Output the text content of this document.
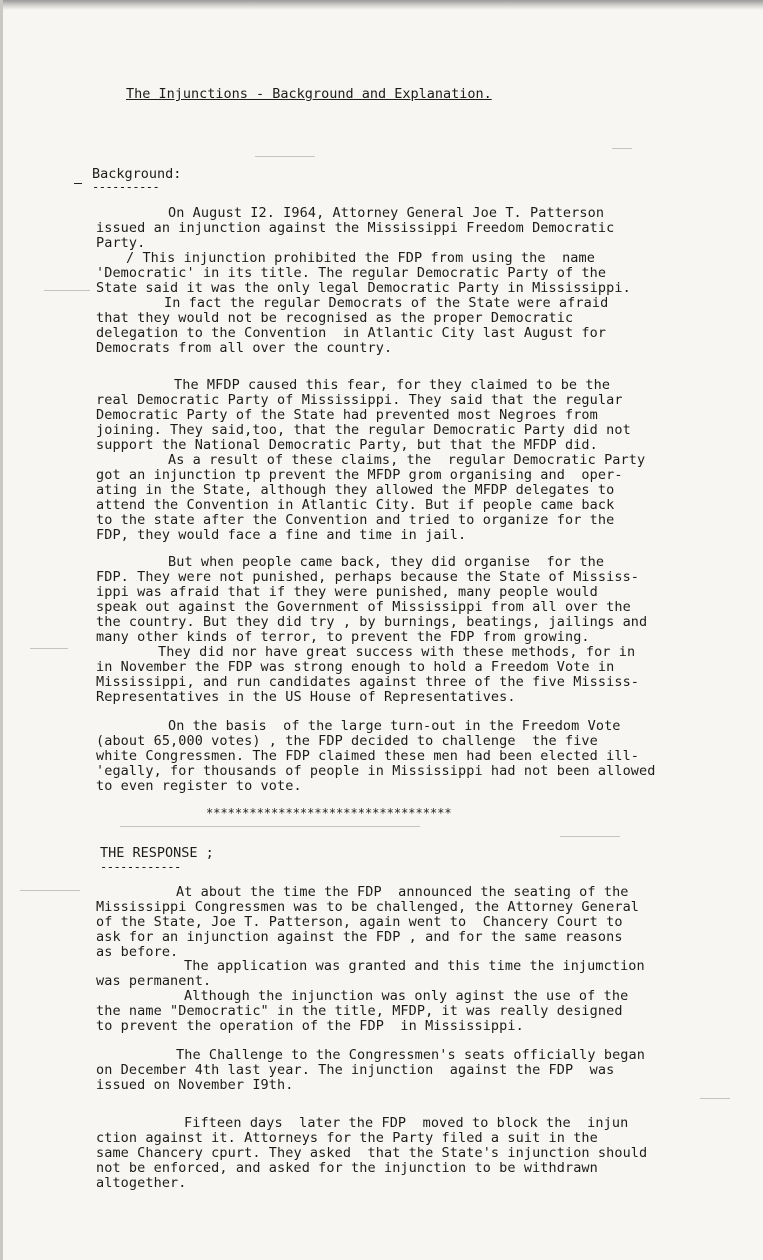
The Injunctions - Background and Explanation.
Background:
----------
On August I2. I964, Attorney General Joe T. Patterson
issued an injunction against the Mississippi Freedom Democratic
Party.
/ This injunction prohibited the FDP from using the  name
'Democratic' in its title. The regular Democratic Party of the
State said it was the only legal Democratic Party in Mississippi.
In fact the regular Democrats of the State were afraid
that they would not be recognised as the proper Democratic
delegation to the Convention  in Atlantic City last August for
Democrats from all over the country.
The MFDP caused this fear, for they claimed to be the
real Democratic Party of Mississippi. They said that the regular
Democratic Party of the State had prevented most Negroes from
joining. They said,too, that the regular Democratic Party did not
support the National Democratic Party, but that the MFDP did.
As a result of these claims, the  regular Democratic Party
got an injunction tp prevent the MFDP grom organising and  oper-
ating in the State, although they allowed the MFDP delegates to
attend the Convention in Atlantic City. But if people came back
to the state after the Convention and tried to organize for the
FDP, they would face a fine and time in jail.
But when people came back, they did organise  for the
FDP. They were not punished, perhaps because the State of Mississ-
ippi was afraid that if they were punished, many people would
speak out against the Government of Mississippi from all over the
the country. But they did try , by burnings, beatings, jailings and
many other kinds of terror, to prevent the FDP from growing.
They did nor have great success with these methods, for in
in November the FDP was strong enough to hold a Freedom Vote in
Mississippi, and run candidates against three of the five Mississ-
Representatives in the US House of Representatives.
On the basis  of the large turn-out in the Freedom Vote
(about 65,000 votes) , the FDP decided to challenge  the five
white Congressmen. The FDP claimed these men had been elected ill-
'egally, for thousands of people in Mississippi had not been allowed
to even register to vote.
**********************************
THE RESPONSE ;
------------
At about the time the FDP  announced the seating of the
Mississippi Congressmen was to be challenged, the Attorney General
of the State, Joe T. Patterson, again went to  Chancery Court to
ask for an injunction against the FDP , and for the same reasons
as before.
The application was granted and this time the injumction
was permanent.
Although the injunction was only aginst the use of the
the name "Democratic" in the title, MFDP, it was really designed
to prevent the operation of the FDP  in Mississippi.
The Challenge to the Congressmen's seats officially began
on December 4th last year. The injunction  against the FDP  was
issued on November I9th.
Fifteen days  later the FDP  moved to block the  injun
ction against it. Attorneys for the Party filed a suit in the
same Chancery cpurt. They asked  that the State's injunction should
not be enforced, and asked for the injunction to be withdrawn
altogether.
